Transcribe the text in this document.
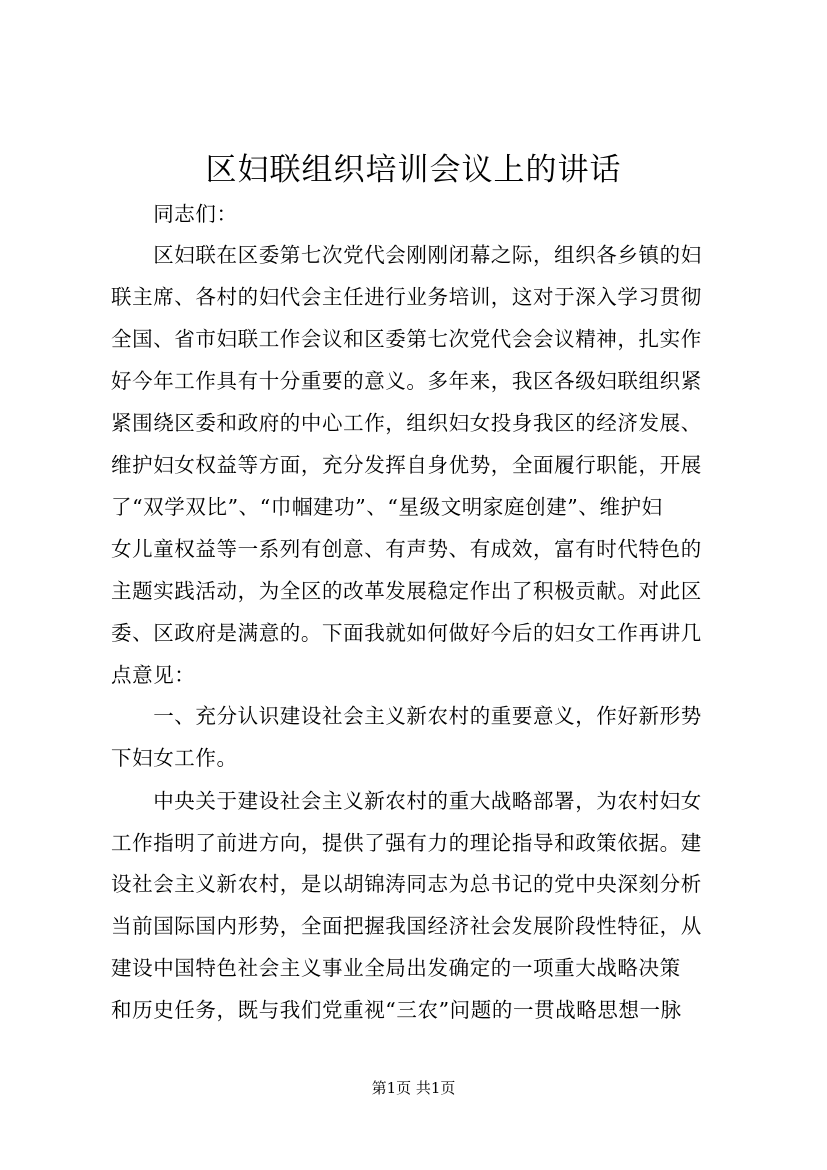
区妇联组织培训会议上的讲话
　　同志们：
　　区妇联在区委第七次党代会刚刚闭幕之际，组织各乡镇的妇
联主席、各村的妇代会主任进行业务培训，这对于深入学习贯彻
全国、省市妇联工作会议和区委第七次党代会会议精神，扎实作
好今年工作具有十分重要的意义。多年来，我区各级妇联组织紧
紧围绕区委和政府的中心工作，组织妇女投身我区的经济发展、
维护妇女权益等方面，充分发挥自身优势，全面履行职能，开展
了“双学双比”、“巾帼建功”、“星级文明家庭创建”、维护妇
女儿童权益等一系列有创意、有声势、有成效，富有时代特色的
主题实践活动，为全区的改革发展稳定作出了积极贡献。对此区
委、区政府是满意的。下面我就如何做好今后的妇女工作再讲几
点意见：
　　一、充分认识建设社会主义新农村的重要意义，作好新形势
下妇女工作。
　　中央关于建设社会主义新农村的重大战略部署，为农村妇女
工作指明了前进方向，提供了强有力的理论指导和政策依据。建
设社会主义新农村，是以胡锦涛同志为总书记的党中央深刻分析
当前国际国内形势，全面把握我国经济社会发展阶段性特征，从
建设中国特色社会主义事业全局出发确定的一项重大战略决策
和历史任务，既与我们党重视“三农”问题的一贯战略思想一脉
第1页 共1页
